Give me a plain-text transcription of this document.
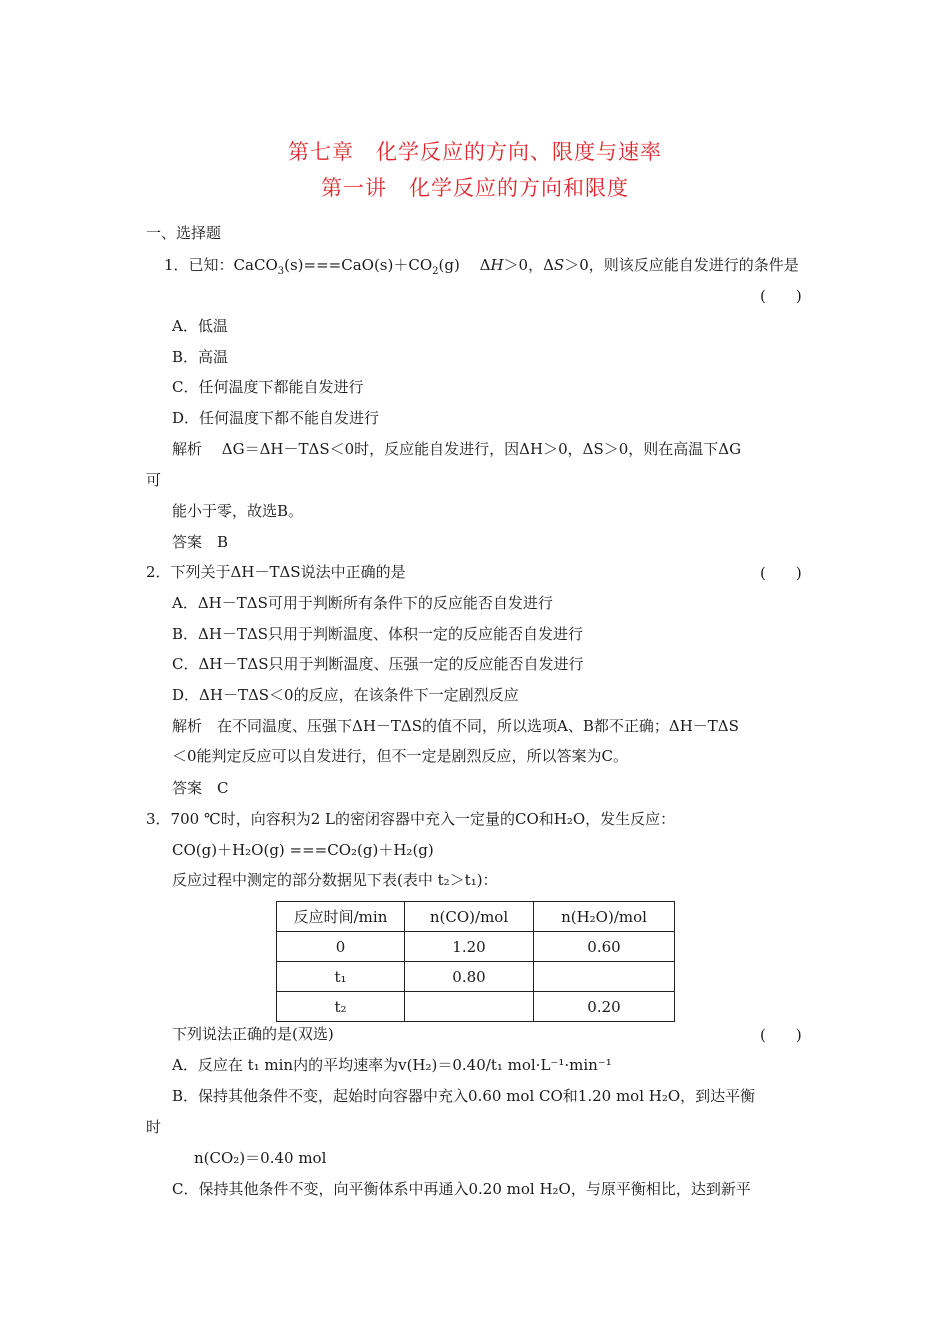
第七章　化学反应的方向、限度与速率
第一讲　化学反应的方向和限度
一、选择题
1．已知：$CaCO_3(s)===CaO(s)+CO_2(g)$　 ΔH＞0，ΔS＞0，则该反应能自发进行的条件是
(　　)
A．低温
B．高温
C．任何温度下都能自发进行
D．任何温度下都不能自发进行
解析　 ΔG＝ΔH－TΔS＜0时，反应能自发进行，因ΔH＞0，ΔS＞0，则在高温下ΔG
可
能小于零，故选B。
答案　B
2．下列关于ΔH－TΔS说法中正确的是	(　　)
A．ΔH－TΔS可用于判断所有条件下的反应能否自发进行
B．ΔH－TΔS只用于判断温度、体积一定的反应能否自发进行
C．ΔH－TΔS只用于判断温度、压强一定的反应能否自发进行
D．ΔH－TΔS＜0的反应，在该条件下一定剧烈反应
解析　在不同温度、压强下ΔH－TΔS的值不同，所以选项A、B都不正确；ΔH－TΔS
＜0能判定反应可以自发进行，但不一定是剧烈反应，所以答案为C。
答案　C
3．700 ℃时，向容积为2 L的密闭容器中充入一定量的CO和H₂O，发生反应：
CO(g)＋H₂O(g) ===CO₂(g)＋H₂(g)
反应过程中测定的部分数据见下表(表中 t₂＞t₁)：
反应时间/min	n(CO)/mol	n(H₂O)/mol
0	1.20	0.60
t₁	0.80	
t₂		0.20
下列说法正确的是(双选)	(　　)
A．反应在 t₁ min内的平均速率为v(H₂)＝0.40/t₁ mol·L⁻¹·min⁻¹
B．保持其他条件不变，起始时向容器中充入0.60 mol CO和1.20 mol H₂O，到达平衡
时
n(CO₂)＝0.40 mol
C．保持其他条件不变，向平衡体系中再通入0.20 mol H₂O，与原平衡相比，达到新平
